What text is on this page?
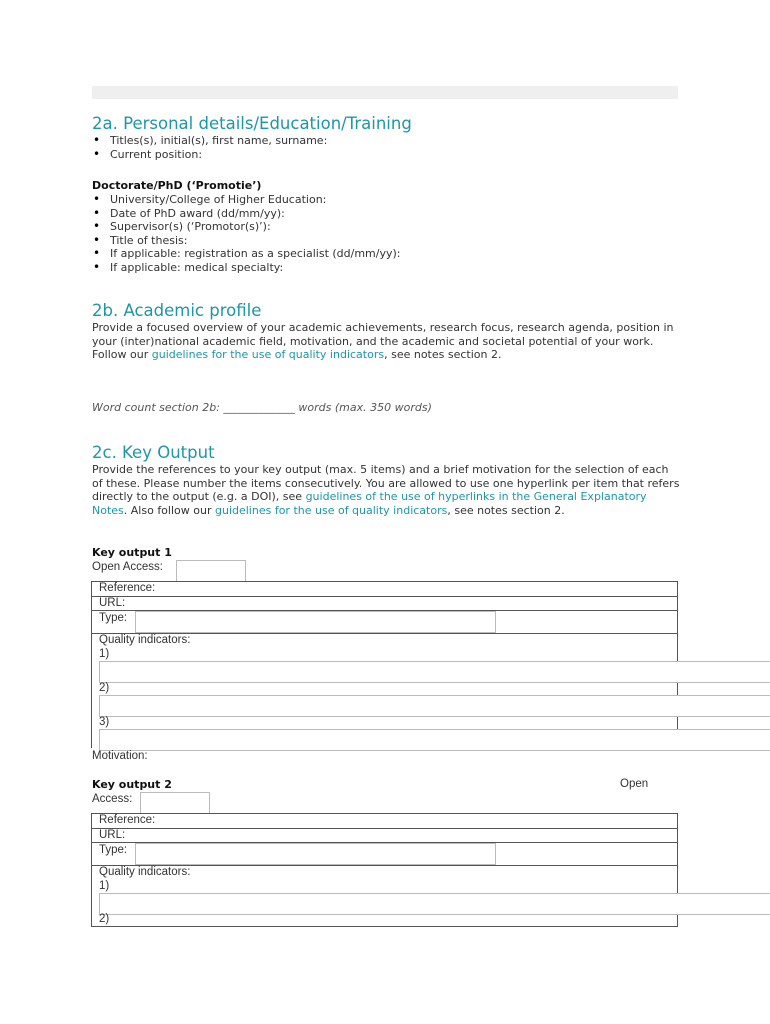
2a. Personal details/Education/Training
• Titles(s), initial(s), first name, surname:
• Current position:
Doctorate/PhD (‘Promotie’)
• University/College of Higher Education:
• Date of PhD award (dd/mm/yy):
• Supervisor(s) (‘Promotor(s)’):
• Title of thesis:
• If applicable: registration as a specialist (dd/mm/yy):
• If applicable: medical specialty:
2b. Academic profile

Provide a focused overview of your academic achievements, research focus, research agenda, position in your (inter)national academic field, motivation, and the academic and societal potential of your work. Follow our guidelines for the use of quality indicators, see notes section 2.

Word count section 2b: _____________ words (max. 350 words)
2c. Key Output

Provide the references to your key output (max. 5 items) and a brief motivation for the selection of each of these. Please number the items consecutively. You are allowed to use one hyperlink per item that refers directly to the output (e.g. a DOI), see guidelines of the use of hyperlinks in the General Explanatory Notes. Also follow our guidelines for the use of quality indicators, see notes section 2.

Key output 1
Open Access:
Reference:
URL:
Type:
Quality indicators:
1)
2)
3)
Motivation:
Key output 2	Open
Access:
Reference:
URL:
Type:
Quality indicators:
1)
2)
